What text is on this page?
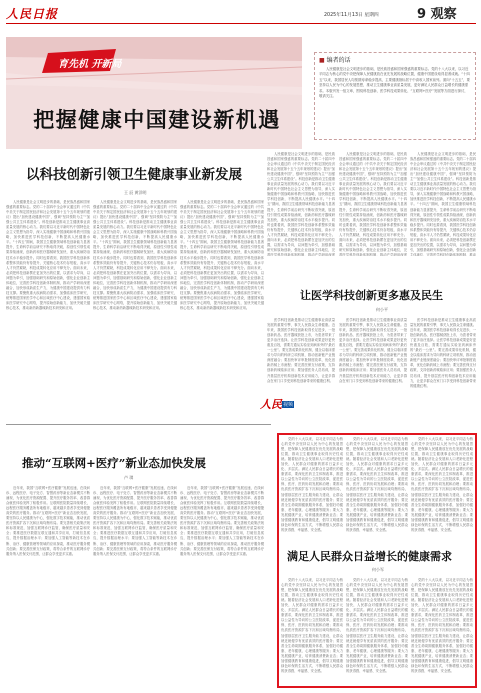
人民日报	2025年11月13日 星期四	9 观察
育先机 开新局
把握健康中国建设新机遇
■ 编者的话
人民健康是社会文明进步的基础，是民族昌盛和国家强盛的重要标志。党的十八大以来，以习近平同志为核心的党中央把保障人民健康放在优先发展的战略位置，健康中国建设取得显著成就。“十四五”以来，我国居民人均预期寿命稳步提高，主要健康指标居于中高收入国家前列。面向“十五五”，要坚持以人民为中心的发展思想，推动卫生健康事业高质量发展，更好满足人民群众日益增长的健康需求。本版刊发一组文章，围绕科技创新、医学科技成果转化、“互联网+医疗”发展等方面进行探讨，敬请关注。
以科技创新引领卫生健康事业新发展
王 辰 黄洋明

人民健康是社会文明进步的基础，是民族昌盛和国家强盛的重要标志。党的二十届四中全会审议通过的《中共中央关于制定国民经济和社会发展第十五个五年规划的建议》提出“加快建设健康中国”，强调“坚持预防为主”“加强公共卫生体系建设”。科技创新是推动卫生健康事业高质量发展的核心动力。我们要以习近平新时代中国特色社会主义思想为指导，深入实施健康中国战略和科教兴国战略，加快推进医学科技创新，不断提高人民健康水平。“十四五”期间，我国卫生健康领域科技创新能力显著提升，生命科学前沿研究不断取得突破，原创性引领性成果持续涌现，创新药和医疗器械研发加快，重大疾病防治技术水平稳步提升。同时也要看到，我国医学科技创新体系整体效能仍有待提升，关键核心技术仍存短板，高水平人才仍然紧缺，科技成果转化应用不够充分。面向未来，必须把科技创新摆在更加突出的位置，以需求为导向，以问题为牵引，加强基础研究和原始创新，强化企业创新主体地位，完善医学科技创新体制机制，推动产学研用深度融合，加快形成新质生产力，为健康中国建设提供有力科技支撑。要聚焦重大疾病防治需求，加强临床医学研究，统筹推进国家医学中心和区域医疗中心建设，建强国家临床医学研究中心网络，提升原始创新能力，加快突破关键核心技术，推动新药新器械新技术研发和应用。

人民健康是社会文明进步的基础，是民族昌盛和国家强盛的重要标志。党的二十届四中全会审议通过的《中共中央关于制定国民经济和社会发展第十五个五年规划的建议》提出“加快建设健康中国”，强调“坚持预防为主”“加强公共卫生体系建设”。科技创新是推动卫生健康事业高质量发展的核心动力。我们要以习近平新时代中国特色社会主义思想为指导，深入实施健康中国战略和科教兴国战略，加快推进医学科技创新，不断提高人民健康水平。“十四五”期间，我国卫生健康领域科技创新能力显著提升，生命科学前沿研究不断取得突破，原创性引领性成果持续涌现，创新药和医疗器械研发加快，重大疾病防治技术水平稳步提升。同时也要看到，我国医学科技创新体系整体效能仍有待提升，关键核心技术仍存短板，高水平人才仍然紧缺，科技成果转化应用不够充分。面向未来，必须把科技创新摆在更加突出的位置，以需求为导向，以问题为牵引，加强基础研究和原始创新，强化企业创新主体地位，完善医学科技创新体制机制，推动产学研用深度融合，加快形成新质生产力，为健康中国建设提供有力科技支撑。要聚焦重大疾病防治需求，加强临床医学研究，统筹推进国家医学中心和区域医疗中心建设，建强国家临床医学研究中心网络，提升原始创新能力，加快突破关键核心技术，推动新药新器械新技术研发和应用。

人民健康是社会文明进步的基础，是民族昌盛和国家强盛的重要标志。党的二十届四中全会审议通过的《中共中央关于制定国民经济和社会发展第十五个五年规划的建议》提出“加快建设健康中国”，强调“坚持预防为主”“加强公共卫生体系建设”。科技创新是推动卫生健康事业高质量发展的核心动力。我们要以习近平新时代中国特色社会主义思想为指导，深入实施健康中国战略和科教兴国战略，加快推进医学科技创新，不断提高人民健康水平。“十四五”期间，我国卫生健康领域科技创新能力显著提升，生命科学前沿研究不断取得突破，原创性引领性成果持续涌现，创新药和医疗器械研发加快，重大疾病防治技术水平稳步提升。同时也要看到，我国医学科技创新体系整体效能仍有待提升，关键核心技术仍存短板，高水平人才仍然紧缺，科技成果转化应用不够充分。面向未来，必须把科技创新摆在更加突出的位置，以需求为导向，以问题为牵引，加强基础研究和原始创新，强化企业创新主体地位，完善医学科技创新体制机制，推动产学研用深度融合，加快形成新质生产力，为健康中国建设提供有力科技支撑。要聚焦重大疾病防治需求，加强临床医学研究，统筹推进国家医学中心和区域医疗中心建设，建强国家临床医学研究中心网络，提升原始创新能力，加快突破关键核心技术，推动新药新器械新技术研发和应用。

人民健康是社会文明进步的基础，是民族昌盛和国家强盛的重要标志。党的二十届四中全会审议通过的《中共中央关于制定国民经济和社会发展第十五个五年规划的建议》提出“加快建设健康中国”，强调“坚持预防为主”“加强公共卫生体系建设”。科技创新是推动卫生健康事业高质量发展的核心动力。我们要以习近平新时代中国特色社会主义思想为指导，深入实施健康中国战略和科教兴国战略，加快推进医学科技创新，不断提高人民健康水平。“十四五”期间，我国卫生健康领域科技创新能力显著提升，生命科学前沿研究不断取得突破，原创性引领性成果持续涌现，创新药和医疗器械研发加快，重大疾病防治技术水平稳步提升。同时也要看到，我国医学科技创新体系整体效能仍有待提升，关键核心技术仍存短板，高水平人才仍然紧缺，科技成果转化应用不够充分。面向未来，必须把科技创新摆在更加突出的位置，以需求为导向，以问题为牵引，加强基础研究和原始创新，强化企业创新主体地位，完善医学科技创新体制机制，推动产学研用深度

人民健康是社会文明进步的基础，是民族昌盛和国家强盛的重要标志。党的二十届四中全会审议通过的《中共中央关于制定国民经济和社会发展第十五个五年规划的建议》提出“加快建设健康中国”，强调“坚持预防为主”“加强公共卫生体系建设”。科技创新是推动卫生健康事业高质量发展的核心动力。我们要以习近平新时代中国特色社会主义思想为指导，深入实施健康中国战略和科教兴国战略，加快推进医学科技创新，不断提高人民健康水平。“十四五”期间，我国卫生健康领域科技创新能力显著提升，生命科学前沿研究不断取得突破，原创性引领性成果持续涌现，创新药和医疗器械研发加快，重大疾病防治技术水平稳步提升。同时也要看到，我国医学科技创新体系整体效能仍有待提升，关键核心技术仍存短板，高水平人才仍然紧缺，科技成果转化应用不够充分。面向未来，必须把科技创新摆在更加突出的位置，以需求为导向，以问题为牵引，加强基础研究和原始创新，强化企业创新主体地位，完善医学科技创新体制机制，推动产学研用深度

人民健康是社会文明进步的基础，是民族昌盛和国家强盛的重要标志。党的二十届四中全会审议通过的《中共中央关于制定国民经济和社会发展第十五个五年规划的建议》提出“加快建设健康中国”，强调“坚持预防为主”“加强公共卫生体系建设”。科技创新是推动卫生健康事业高质量发展的核心动力。我们要以习近平新时代中国特色社会主义思想为指导，深入实施健康中国战略和科教兴国战略，加快推进医学科技创新，不断提高人民健康水平。“十四五”期间，我国卫生健康领域科技创新能力显著提升，生命科学前沿研究不断取得突破，原创性引领性成果持续涌现，创新药和医疗器械研发加快，重大疾病防治技术水平稳步提升。同时也要看到，我国医学科技创新体系整体效能仍有待提升，关键核心技术仍存短板，高水平人才仍然紧缺，科技成果转化应用不够充分。面向未来，必须把科技创新摆在更加突出的位置，以需求为导向，以问题为牵引，加强基础研究和原始创新，强化企业创新主体地位，完善医学科技创新体制机制，推动

让医学科技创新更多惠及民生
何小平

医学科技创新是推动卫生健康事业高质量发展的重要引擎，事关人民群众生命健康。近年来，我国医学科技创新取得长足进步，一批创新药品、医疗器械获批上市，为患者带来了更多治疗选择。让医学科技创新成果更好更快惠及百姓，需要打通从实验室到病床旁的“最后一公里”。要完善成果转化机制，健全以临床需求为导向的科研立项机制，推动创新链产业链深度融合；要加快审评审批制度改革，优化创新药械上市流程；要完善医保支付政策，支持创新药械临床应用；要加强医务人员培训，提升基层医疗机构创新技术应用能力，让更多群众在家门口享受到科技创新带来的健康红利。

医学科技创新是推动卫生健康事业高质量发展的重要引擎，事关人民群众生命健康。近年来，我国医学科技创新取得长足进步，一批创新药品、医疗器械获批上市，为患者带来了更多治疗选择。让医学科技创新成果更好更快惠及百姓，需要打通从实验室到病床旁的“最后一公里”。要完善成果转化机制，健全以临床需求为导向的科研立项机制，推动创新链产业链深度融合；要加快审评审批制度改革，优化创新药械上市流程；要完善医保支付政策，支持创新药械临床应用；要加强医务人员培训，提升基层医疗机构创新技术应用能力，让更多群众在家门口享受到科技创新带来的健康红利。

医学科技创新是推动卫生健康事业高质量发展的重要引擎，事关人民群众生命健康。近年来，我国医学科技创新取得长足进步，一批创新药品、医疗器械获批上市，为患者带来了更多治疗选择。让医学科技创新成果更好更快惠及百姓，需要打通从实验室到病床旁的“最后一公里”。要完善成果转化机制，健全以临床需求为导向的科研立项机制，推动创新链产业链深度融合；要加快审评审批制度改革，优化创新药械上市流程；要完善医保支付政策，支持创新药械临床应用；要加强医务人员培训，提升基层医疗机构创新技术应用能力，让更多群众在家门口享受到科技创新带来的健康红利。

人民 视频
推动“互联网+医疗”新业态加快发展
卢 琪

近年来，我国“互联网+医疗健康”发展迅速，在线问诊、远程医疗、电子处方、智慧药房等新业态新模式不断涌现，为优化医疗资源配置、提升医疗服务效率、改善群众就医体验发挥了积极作用。互联网医院数量持续增长，远程医疗服务覆盖所有地级市，越来越多患者享受到便捷高效的医疗服务。推动“互联网+医疗”新业态加快发展，要坚持以人民健康为中心，强化数字技术赋能，推动优质医疗资源扩容下沉和区域均衡布局。要完善相关政策法规和标准规范，加强互联网诊疗监管，确保医疗质量和安全；要推进医疗数据互联互通和共享应用，打破信息孤岛，提升数据治理水平；要加强人工智能等新技术在诊断、治疗、健康管理等领域的应用探索，推动医疗服务模式创新；要完善医保支付政策，将符合条件的互联网诊疗服务纳入医保支付范围，让群众享受更多实惠。

近年来，我国“互联网+医疗健康”发展迅速，在线问诊、远程医疗、电子处方、智慧药房等新业态新模式不断涌现，为优化医疗资源配置、提升医疗服务效率、改善群众就医体验发挥了积极作用。互联网医院数量持续增长，远程医疗服务覆盖所有地级市，越来越多患者享受到便捷高效的医疗服务。推动“互联网+医疗”新业态加快发展，要坚持以人民健康为中心，强化数字技术赋能，推动优质医疗资源扩容下沉和区域均衡布局。要完善相关政策法规和标准规范，加强互联网诊疗监管，确保医疗质量和安全；要推进医疗数据互联互通和共享应用，打破信息孤岛，提升数据治理水平；要加强人工智能等新技术在诊断、治疗、健康管理等领域的应用探索，推动医疗服务模式创新；要完善医保支付政策，将符合条件的互联网诊疗服务纳入医保支付范围，让群众享受更多实惠。

近年来，我国“互联网+医疗健康”发展迅速，在线问诊、远程医疗、电子处方、智慧药房等新业态新模式不断涌现，为优化医疗资源配置、提升医疗服务效率、改善群众就医体验发挥了积极作用。互联网医院数量持续增长，远程医疗服务覆盖所有地级市，越来越多患者享受到便捷高效的医疗服务。推动“互联网+医疗”新业态加快发展，要坚持以人民健康为中心，强化数字技术赋能，推动优质医疗资源扩容下沉和区域均衡布局。要完善相关政策法规和标准规范，加强互联网诊疗监管，确保医疗质量和安全；要推进医疗数据互联互通和共享应用，打破信息孤岛，提升数据治理水平；要加强人工智能等新技术在诊断、治疗、健康管理等领域的应用探索，推动医疗服务模式创新；要完善医保支付政策，将符合条件的互联网诊疗服务纳入医保支付范围，让群众享受更多实惠。

党的十八大以来，以习近平同志为核心的党中央坚持以人民为中心的发展思想，把保障人民健康放在优先发展的战略位置，推动卫生健康事业取得历史性成就。随着经济社会发展和人口老龄化进程加快，人民群众对健康的需求日益多元化、多层次。满足人民群众日益增长的健康需求，要深化医药卫生体制改革，推进以公益性为导向的公立医院改革，促进医保、医疗、医药协同发展和治理；要推动优质医疗资源扩容下沉和区域均衡布局，加强基层医疗卫生服务能力建设，让群众就近就便享有优质高效的医疗服务；要完善全生命周期健康服务体系，加强妇幼健康、老年健康、心理健康等服务；要大力发展健康产业，培育健康消费新业态；要加强健康教育和健康促进，倡导文明健康绿色环保的生活方式，不断增强人民群众的获得感、幸福感、安全感。

党的十八大以来，以习近平同志为核心的党中央坚持以人民为中心的发展思想，把保障人民健康放在优先发展的战略位置，推动卫生健康事业取得历史性成就。随着经济社会发展和人口老龄化进程加快，人民群众对健康的需求日益多元化、多层次。满足人民群众日益增长的健康需求，要深化医药卫生体制改革，推进以公益性为导向的公立医院改革，促进医保、医疗、医药协同发展和治理；要推动优质医疗资源扩容下沉和区域均衡布局，加强基层医疗卫生服务能力建设，让群众就近就便享有优质高效的医疗服务；要完善全生命周期健康服务体系，加强妇幼健康、老年健康、心理健康等服务；要大力发展健康产业，培育健康消费新业态；要加强健康教育和健康促进，倡导文明健康绿色环保的生活方式，不断增强人民群众的获得感、幸福感、安全感。

党的十八大以来，以习近平同志为核心的党中央坚持以人民为中心的发展思想，把保障人民健康放在优先发展的战略位置，推动卫生健康事业取得历史性成就。随着经济社会发展和人口老龄化进程加快，人民群众对健康的需求日益多元化、多层次。满足人民群众日益增长的健康需求，要深化医药卫生体制改革，推进以公益性为导向的公立医院改革，促进医保、医疗、医药协同发展和治理；要推动优质医疗资源扩容下沉和区域均衡布局，加强基层医疗卫生服务能力建设，让群众就近就便享有优质高效的医疗服务；要完善全生命周期健康服务体系，加强妇幼健康、老年健康、心理健康等服务；要大力发展健康产业，培育健康消费新业态；要加强健康教育和健康促进，倡导文明健康绿色环保的生活方式，不断增强人民群众的获得感、幸福感、安全感。

满足人民群众日益增长的健康需求
何小军

党的十八大以来，以习近平同志为核心的党中央坚持以人民为中心的发展思想，把保障人民健康放在优先发展的战略位置，推动卫生健康事业取得历史性成就。随着经济社会发展和人口老龄化进程加快，人民群众对健康的需求日益多元化、多层次。满足人民群众日益增长的健康需求，要深化医药卫生体制改革，推进以公益性为导向的公立医院改革，促进医保、医疗、医药协同发展和治理；要推动优质医疗资源扩容下沉和区域均衡布局，加强基层医疗卫生服务能力建设，让群众就近就便享有优质高效的医疗服务；要完善全生命周期健康服务体系，加强妇幼健康、老年健康、心理健康等服务；要大力发展健康产业，培育健康消费新业态；要加强健康教育和健康促进，倡导文明健康绿色环保的生活方式，不断增强人民群众的获得感、幸福感、安全感。

党的十八大以来，以习近平同志为核心的党中央坚持以人民为中心的发展思想，把保障人民健康放在优先发展的战略位置，推动卫生健康事业取得历史性成就。随着经济社会发展和人口老龄化进程加快，人民群众对健康的需求日益多元化、多层次。满足人民群众日益增长的健康需求，要深化医药卫生体制改革，推进以公益性为导向的公立医院改革，促进医保、医疗、医药协同发展和治理；要推动优质医疗资源扩容下沉和区域均衡布局，加强基层医疗卫生服务能力建设，让群众就近就便享有优质高效的医疗服务；要完善全生命周期健康服务体系，加强妇幼健康、老年健康、心理健康等服务；要大力发展健康产业，培育健康消费新业态；要加强健康教育和健康促进，倡导文明健康绿色环保的生活方式，不断增强人民群众的获得感、幸福感、安全感。

党的十八大以来，以习近平同志为核心的党中央坚持以人民为中心的发展思想，把保障人民健康放在优先发展的战略位置，推动卫生健康事业取得历史性成就。随着经济社会发展和人口老龄化进程加快，人民群众对健康的需求日益多元化、多层次。满足人民群众日益增长的健康需求，要深化医药卫生体制改革，推进以公益性为导向的公立医院改革，促进医保、医疗、医药协同发展和治理；要推动优质医疗资源扩容下沉和区域均衡布局，加强基层医疗卫生服务能力建设，让群众就近就便享有优质高效的医疗服务；要完善全生命周期健康服务体系，加强妇幼健康、老年健康、心理健康等服务；要大力发展健康产业，培育健康消费新业态；要加强健康教育和健康促进，倡导文明健康绿色环保的生活方式，不断增强人民群众的获得感、幸福感、安全感。
